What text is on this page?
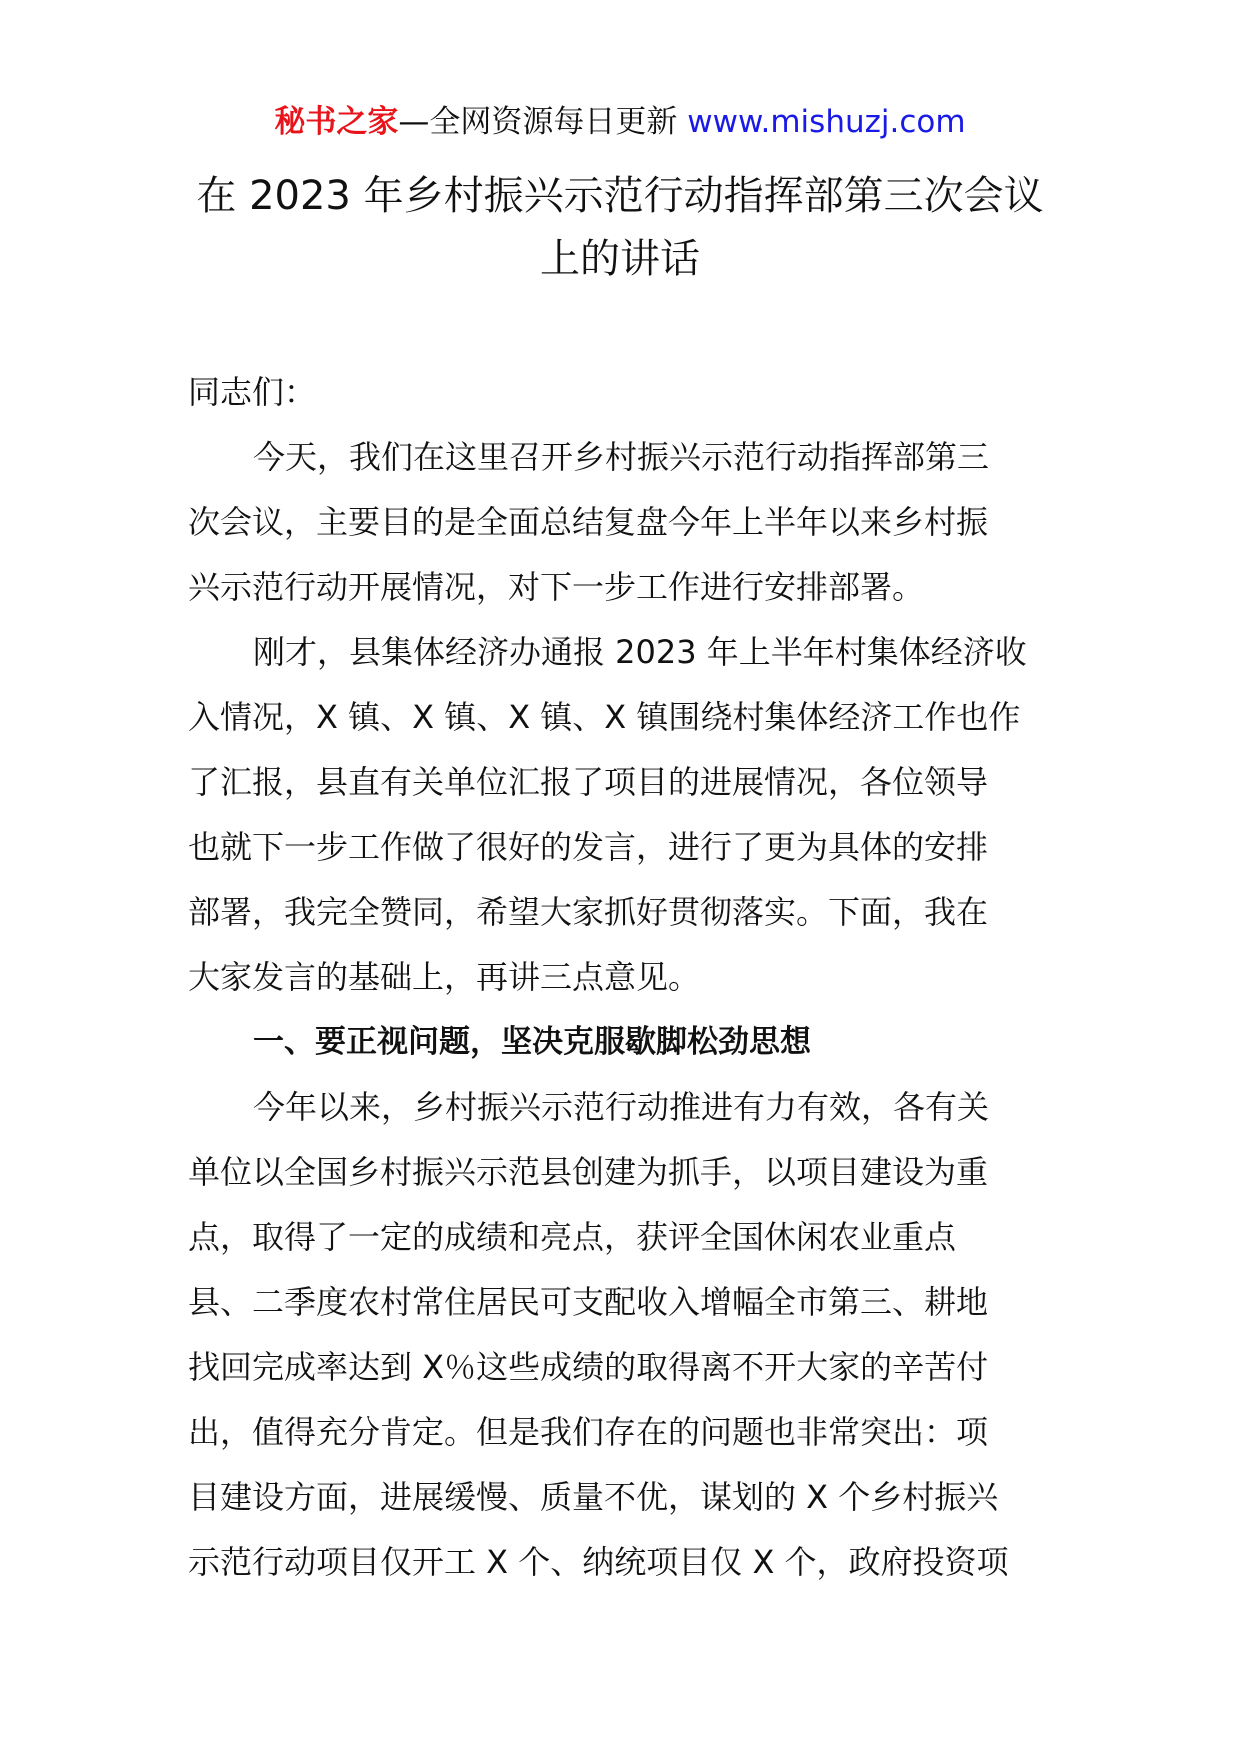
秘书之家—全网资源每日更新 www.mishuzj.com
在 2023 年乡村振兴示范行动指挥部第三次会议
上的讲话
同志们：
今天，我们在这里召开乡村振兴示范行动指挥部第三
次会议，主要目的是全面总结复盘今年上半年以来乡村振
兴示范行动开展情况，对下一步工作进行安排部署。
刚才，县集体经济办通报 2023 年上半年村集体经济收
入情况，X 镇、X 镇、X 镇、X 镇围绕村集体经济工作也作
了汇报，县直有关单位汇报了项目的进展情况，各位领导
也就下一步工作做了很好的发言，进行了更为具体的安排
部署，我完全赞同，希望大家抓好贯彻落实。下面，我在
大家发言的基础上，再讲三点意见。
一、要正视问题，坚决克服歇脚松劲思想
今年以来，乡村振兴示范行动推进有力有效，各有关
单位以全国乡村振兴示范县创建为抓手，以项目建设为重
点，取得了一定的成绩和亮点，获评全国休闲农业重点
县、二季度农村常住居民可支配收入增幅全市第三、耕地
找回完成率达到 X％这些成绩的取得离不开大家的辛苦付
出，值得充分肯定。但是我们存在的问题也非常突出：项
目建设方面，进展缓慢、质量不优，谋划的 X 个乡村振兴
示范行动项目仅开工 X 个、纳统项目仅 X 个，政府投资项
